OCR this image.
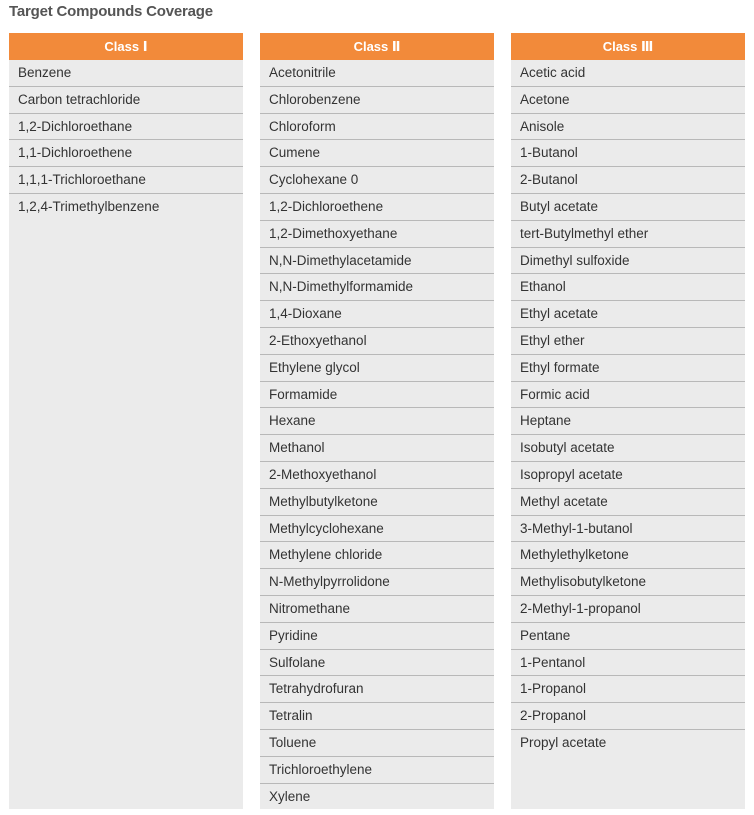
Target Compounds Coverage
Class Ⅰ
Benzene
Carbon tetrachloride
1,2-Dichloroethane
1,1-Dichloroethene
1,1,1-Trichloroethane
1,2,4-Trimethylbenzene
Class Ⅱ
Acetonitrile
Chlorobenzene
Chloroform
Cumene
Cyclohexane 0
1,2-Dichloroethene
1,2-Dimethoxyethane
N,N-Dimethylacetamide
N,N-Dimethylformamide
1,4-Dioxane
2-Ethoxyethanol
Ethylene glycol
Formamide
Hexane
Methanol
2-Methoxyethanol
Methylbutylketone
Methylcyclohexane
Methylene chloride
N-Methylpyrrolidone
Nitromethane
Pyridine
Sulfolane
Tetrahydrofuran
Tetralin
Toluene
Trichloroethylene
Xylene
Class Ⅲ
Acetic acid
Acetone
Anisole
1-Butanol
2-Butanol
Butyl acetate
tert-Butylmethyl ether
Dimethyl sulfoxide
Ethanol
Ethyl acetate
Ethyl ether
Ethyl formate
Formic acid
Heptane
Isobutyl acetate
Isopropyl acetate
Methyl acetate
3-Methyl-1-butanol
Methylethylketone
Methylisobutylketone
2-Methyl-1-propanol
Pentane
1-Pentanol
1-Propanol
2-Propanol
Propyl acetate
